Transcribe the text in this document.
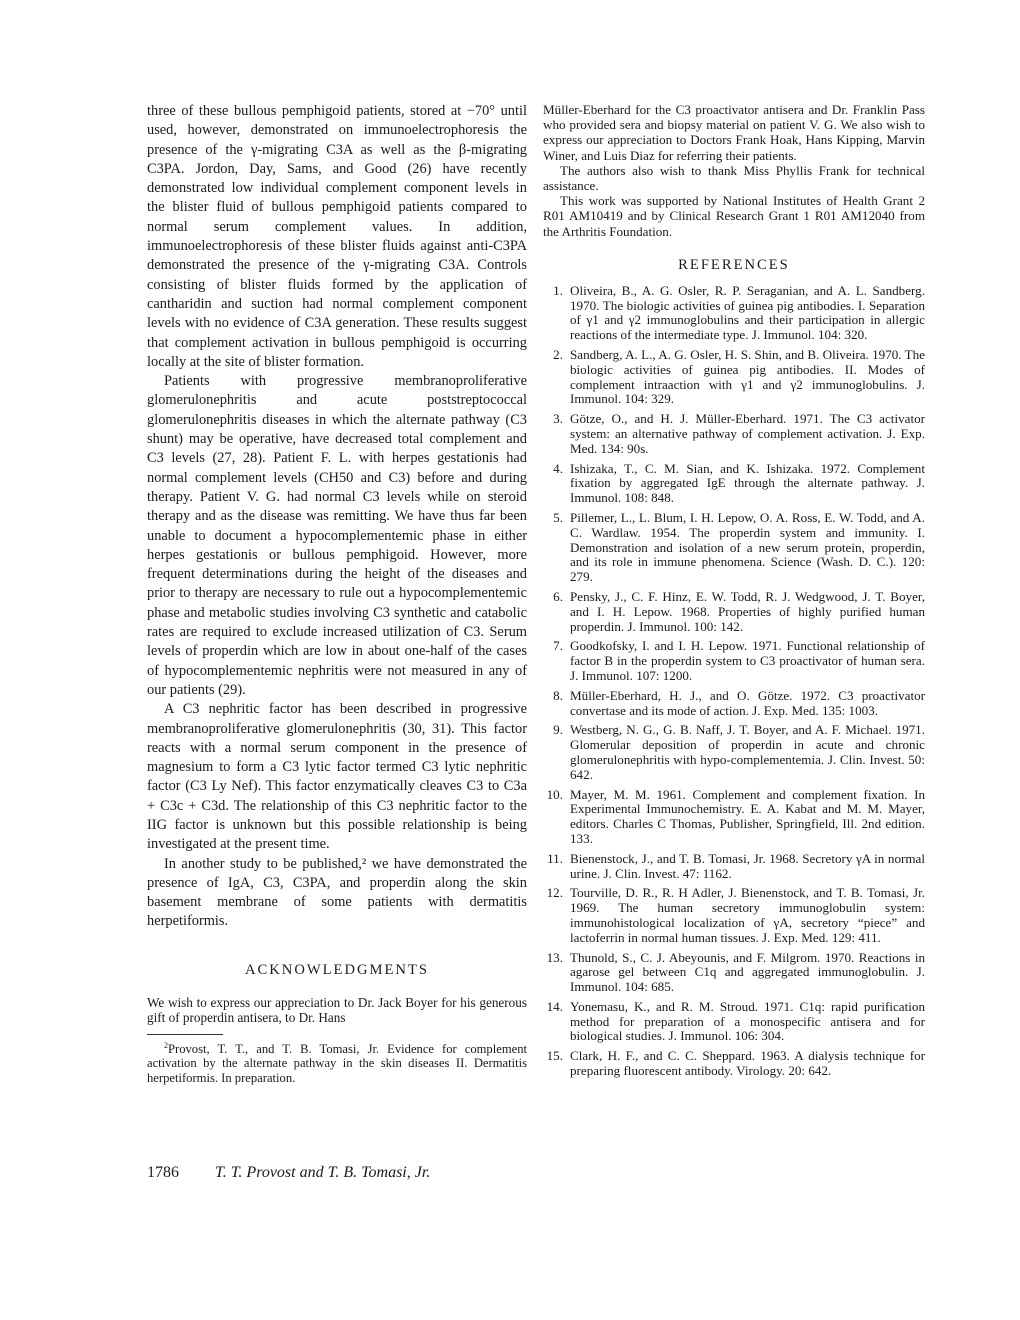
three of these bullous pemphigoid patients, stored at −70° until used, however, demonstrated on immunoelectrophoresis the presence of the γ-migrating C3A as well as the β-migrating C3PA. Jordon, Day, Sams, and Good (26) have recently demonstrated low individual complement component levels in the blister fluid of bullous pemphigoid patients compared to normal serum complement values. In addition, immunoelectrophoresis of these blister fluids against anti-C3PA demonstrated the presence of the γ-migrating C3A. Controls consisting of blister fluids formed by the application of cantharidin and suction had normal complement component levels with no evidence of C3A generation. These results suggest that complement activation in bullous pemphigoid is occurring locally at the site of blister formation.

Patients with progressive membranoproliferative glomerulonephritis and acute poststreptococcal glomerulonephritis diseases in which the alternate pathway (C3 shunt) may be operative, have decreased total complement and C3 levels (27, 28). Patient F. L. with herpes gestationis had normal complement levels (CH50 and C3) before and during therapy. Patient V. G. had normal C3 levels while on steroid therapy and as the disease was remitting. We have thus far been unable to document a hypocomplementemic phase in either herpes gestationis or bullous pemphigoid. However, more frequent determinations during the height of the diseases and prior to therapy are necessary to rule out a hypocomplementemic phase and metabolic studies involving C3 synthetic and catabolic rates are required to exclude increased utilization of C3. Serum levels of properdin which are low in about one-half of the cases of hypocomplementemic nephritis were not measured in any of our patients (29).

A C3 nephritic factor has been described in progressive membranoproliferative glomerulonephritis (30, 31). This factor reacts with a normal serum component in the presence of magnesium to form a C3 lytic factor termed C3 lytic nephritic factor (C3 Ly Nef). This factor enzymatically cleaves C3 to C3a + C3c + C3d. The relationship of this C3 nephritic factor to the IIG factor is unknown but this possible relationship is being investigated at the present time.

In another study to be published,² we have demonstrated the presence of IgA, C3, C3PA, and properdin along the skin basement membrane of some patients with dermatitis herpetiformis.

ACKNOWLEDGMENTS

We wish to express our appreciation to Dr. Jack Boyer for his generous gift of properdin antisera, to Dr. Hans

$^2$Provost, T. T., and T. B. Tomasi, Jr. Evidence for complement activation by the alternate pathway in the skin diseases II. Dermatitis herpetiformis. In preparation.

Müller-Eberhard for the C3 proactivator antisera and Dr. Franklin Pass who provided sera and biopsy material on patient V. G. We also wish to express our appreciation to Doctors Frank Hoak, Hans Kipping, Marvin Winer, and Luis Diaz for referring their patients.

The authors also wish to thank Miss Phyllis Frank for technical assistance.

This work was supported by National Institutes of Health Grant 2 R01 AM10419 and by Clinical Research Grant 1 R01 AM12040 from the Arthritis Foundation.

REFERENCES
1 . Oliveira, B., A. G. Osler, R. P. Seraganian, and A. L. Sandberg. 1970. The biologic activities of guinea pig antibodies. I. Separation of γ1 and γ2 immunoglobulins and their participation in allergic reactions of the intermediate type. J. Immunol. 104: 320.
2 . Sandberg, A. L., A. G. Osler, H. S. Shin, and B. Oliveira. 1970. The biologic activities of guinea pig antibodies. II. Modes of complement intraaction with γ1 and γ2 immunoglobulins. J. Immunol. 104: 329.
3 . Götze, O., and H. J. Müller-Eberhard. 1971. The C3 activator system: an alternative pathway of complement activation. J. Exp. Med. 134: 90s.
4 . Ishizaka, T., C. M. Sian, and K. Ishizaka. 1972. Complement fixation by aggregated IgE through the alternate pathway. J. Immunol. 108: 848.
5 . Pillemer, L., L. Blum, I. H. Lepow, O. A. Ross, E. W. Todd, and A. C. Wardlaw. 1954. The properdin system and immunity. I. Demonstration and isolation of a new serum protein, properdin, and its role in immune phenomena. Science (Wash. D. C.). 120: 279.
6 . Pensky, J., C. F. Hinz, E. W. Todd, R. J. Wedgwood, J. T. Boyer, and I. H. Lepow. 1968. Properties of highly purified human properdin. J. Immunol. 100: 142.
7 . Goodkofsky, I. and I. H. Lepow. 1971. Functional relationship of factor B in the properdin system to C3 proactivator of human sera. J. Immunol. 107: 1200.
8 . Müller-Eberhard, H. J., and O. Götze. 1972. C3 proactivator convertase and its mode of action. J. Exp. Med. 135: 1003.
9 . Westberg, N. G., G. B. Naff, J. T. Boyer, and A. F. Michael. 1971. Glomerular deposition of properdin in acute and chronic glomerulonephritis with hypo-complementemia. J. Clin. Invest. 50: 642.
10 . Mayer, M. M. 1961. Complement and complement fixation. In Experimental Immunochemistry. E. A. Kabat and M. M. Mayer, editors. Charles C Thomas, Publisher, Springfield, Ill. 2nd edition. 133.
11 . Bienenstock, J., and T. B. Tomasi, Jr. 1968. Secretory γA in normal urine. J. Clin. Invest. 47: 1162.
12 . Tourville, D. R., R. H Adler, J. Bienenstock, and T. B. Tomasi, Jr. 1969. The human secretory immunoglobulin system: immunohistological localization of γA, secretory “piece” and lactoferrin in normal human tissues. J. Exp. Med. 129: 411.
13 . Thunold, S., C. J. Abeyounis, and F. Milgrom. 1970. Reactions in agarose gel between C1q and aggregated immunoglobulin. J. Immunol. 104: 685.
14 . Yonemasu, K., and R. M. Stroud. 1971. C1q: rapid purification method for preparation of a monospecific antisera and for biological studies. J. Immunol. 106: 304.
15 . Clark, H. F., and C. C. Sheppard. 1963. A dialysis technique for preparing fluorescent antibody. Virology. 20: 642.
1786 T. T. Provost and T. B. Tomasi, Jr.
